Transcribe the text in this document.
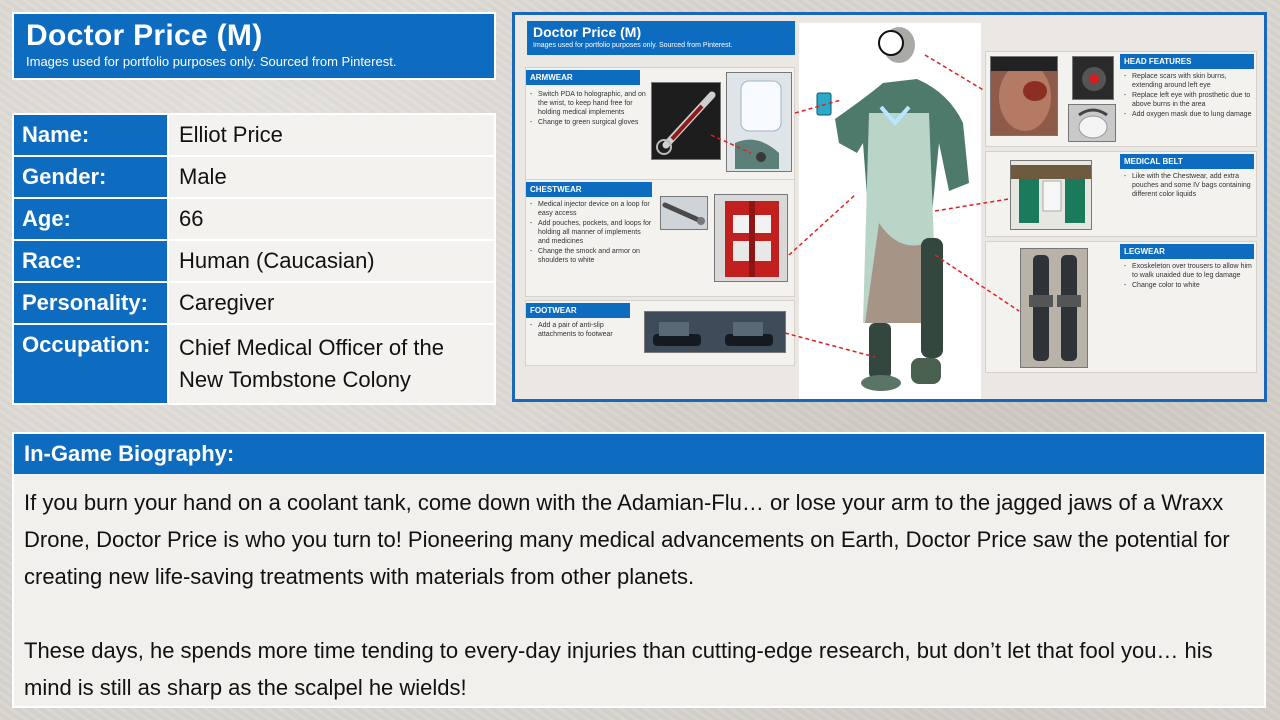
Doctor Price (M)

Images used for portfolio purposes only. Sourced from Pinterest.

Name:	Elliot Price
Gender:	Male
Age:	66
Race:	Human (Caucasian)
Personality:	Caregiver
Occupation:	Chief Medical Officer of the New Tombstone Colony
Doctor Price (M)
Images used for portfolio purposes only. Sourced from Pinterest.
ARMWEAR
- Switch PDA to holographic, and on the wrist, to keep hand free for holding medical implements
- Change to green surgical gloves
CHESTWEAR
- Medical injector device on a loop for easy access
- Add pouches, pockets, and loops for holding all manner of implements and medicines
- Change the smock and armor on shoulders to white
FOOTWEAR
- Add a pair of anti-slip attachments to footwear
HEAD FEATURES
- Replace scars with skin burns, extending around left eye
- Replace left eye with prosthetic due to above burns in the area
- Add oxygen mask due to lung damage
MEDICAL BELT
- Like with the Chestwear, add extra pouches and some IV bags containing different color liquids
LEGWEAR
- Exoskeleton over trousers to allow him to walk unaided due to leg damage
- Change color to white
In-Game Biography:

If you burn your hand on a coolant tank, come down with the Adamian-Flu… or lose your arm to the jagged jaws of a Wraxx Drone, Doctor Price is who you turn to! Pioneering many medical advancements on Earth, Doctor Price saw the potential for creating new life-saving treatments with materials from other planets.

These days, he spends more time tending to every-day injuries than cutting-edge research, but don’t let that fool you… his mind is still as sharp as the scalpel he wields!
